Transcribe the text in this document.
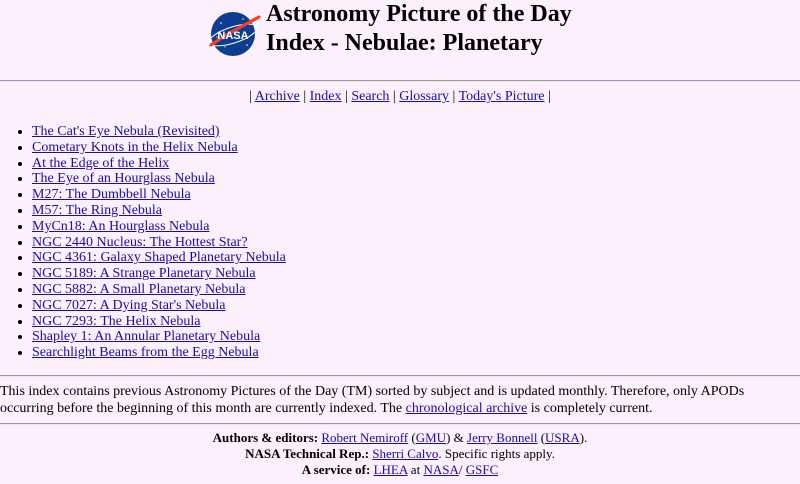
NASA
Astronomy Picture of the Day
Index - Nebulae: Planetary
| Archive | Index | Search | Glossary | Today's Picture |
• The Cat's Eye Nebula (Revisited)
• Cometary Knots in the Helix Nebula
• At the Edge of the Helix
• The Eye of an Hourglass Nebula
• M27: The Dumbbell Nebula
• M57: The Ring Nebula
• MyCn18: An Hourglass Nebula
• NGC 2440 Nucleus: The Hottest Star?
• NGC 4361: Galaxy Shaped Planetary Nebula
• NGC 5189: A Strange Planetary Nebula
• NGC 5882: A Small Planetary Nebula
• NGC 7027: A Dying Star's Nebula
• NGC 7293: The Helix Nebula
• Shapley 1: An Annular Planetary Nebula
• Searchlight Beams from the Egg Nebula
This index contains previous Astronomy Pictures of the Day (TM) sorted by subject and is updated monthly. Therefore, only APODs occurring before the beginning of this month are currently indexed. The chronological archive is completely current.
Authors & editors: Robert Nemiroff (GMU) & Jerry Bonnell (USRA).
NASA Technical Rep.: Sherri Calvo. Specific rights apply.
A service of: LHEA at NASA/ GSFC
